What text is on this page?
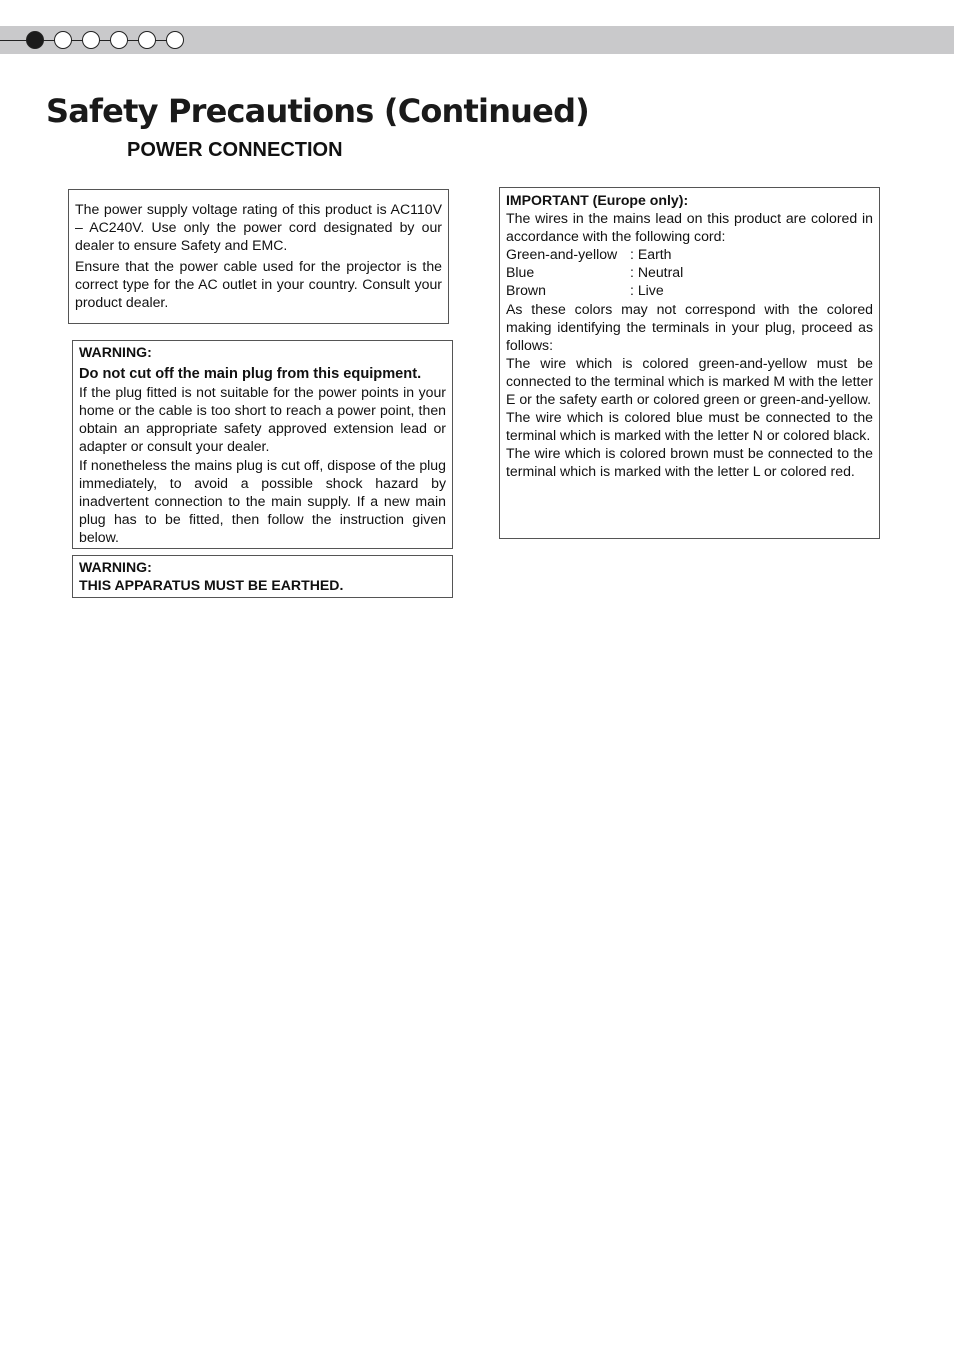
Safety Precautions (Continued)
POWER CONNECTION

The power supply voltage rating of this product is AC110V – AC240V. Use only the power cord designated by our dealer to ensure Safety and EMC.

Ensure that the power cable used for the projector is the correct type for the AC outlet in your country. Consult your product dealer.

WARNING:

Do not cut off the main plug from this equipment.

If the plug fitted is not suitable for the power points in your home or the cable is too short to reach a power point, then obtain an appropriate safety approved extension lead or adapter or consult your dealer.

If nonetheless the mains plug is cut off, dispose of the plug immediately, to avoid a possible shock hazard by inadvertent connection to the main supply. If a new main plug has to be fitted, then follow the instruction given below.

WARNING:

THIS APPARATUS MUST BE EARTHED.

IMPORTANT (Europe only):

The wires in the mains lead on this product are colored in accordance with the following cord:

Green-and-yellow : Earth
Blue	: Neutral
Brown	: Live

As these colors may not correspond with the colored making identifying the terminals in your plug, proceed as follows:

The wire which is colored green-and-yellow must be connected to the terminal which is marked M with the letter E or the safety earth or colored green or green-and-yellow.

The wire which is colored blue must be connected to the terminal which is marked with the letter N or colored black.

The wire which is colored brown must be connected to the terminal which is marked with the letter L or colored red.
